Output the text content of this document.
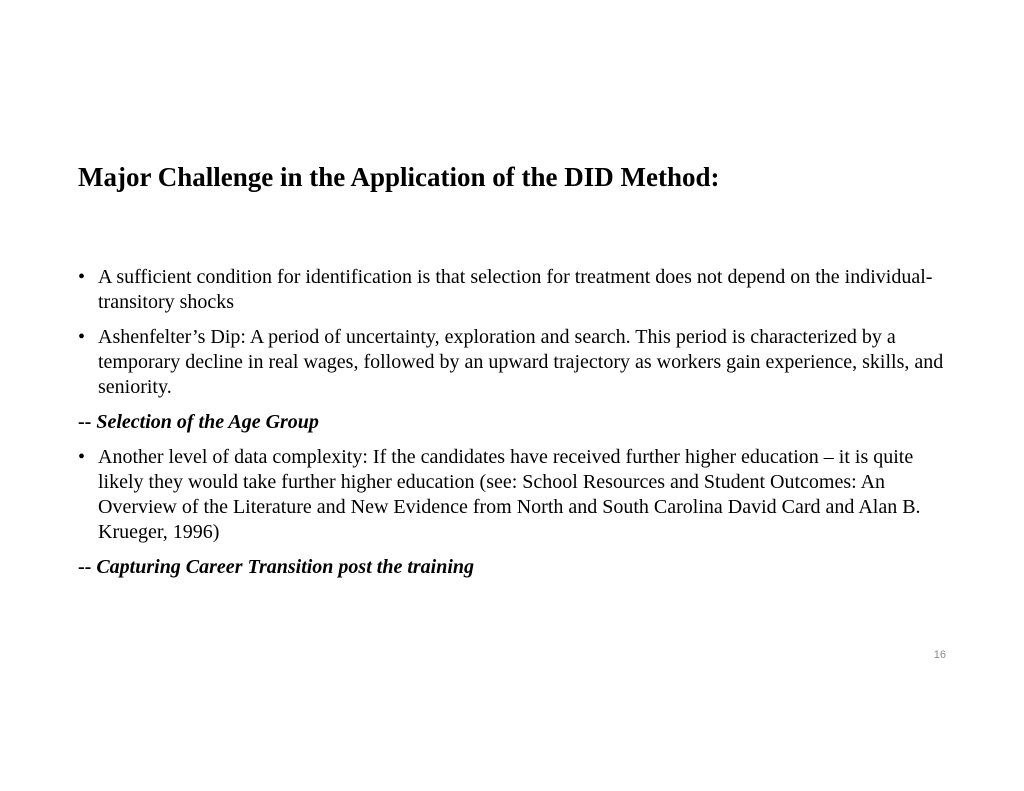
Major Challenge in the Application of the DID Method:
• A sufficient condition for identification is that selection for treatment does not depend on the individual-transitory shocks
• Ashenfelter’s Dip: A period of uncertainty, exploration and search. This period is characterized by a temporary decline in real wages, followed by an upward trajectory as workers gain experience, skills, and seniority.
-- Selection of the Age Group
• Another level of data complexity: If the candidates have received further higher education – it is quite likely they would take further higher education (see: School Resources and Student Outcomes: An Overview of the Literature and New Evidence from North and South Carolina David Card and Alan B. Krueger, 1996)
-- Capturing Career Transition post the training
16
